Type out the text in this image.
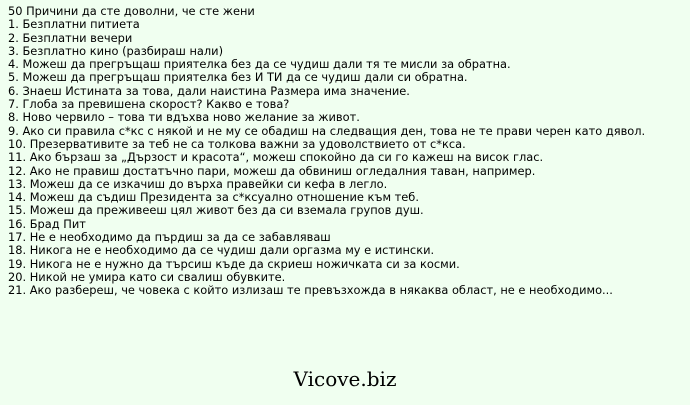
50 Причини да сте доволни, че сте жени

1. Безплатни питиета

2. Безплатни вечери

3. Безплатно кино (разбираш нали)

4. Можеш да прегръщаш приятелка без да се чудиш дали тя те мисли за обратна.

5. Можеш да прегръщаш приятелка без И ТИ да се чудиш дали си обратна.

6. Знаеш Истината за това, дали наистина Размера има значение.

7. Глоба за превишена скорост? Какво е това?

8. Ново червило – това ти вдъхва ново желание за живот.

9. Ако си правила с*кс с някой и не му се обадиш на следващия ден, това не те прави черен като дявол.

10. Презервативите за теб не са толкова важни за удоволствието от с*кса.

11. Ако бързаш за „Дързост и красота“, можеш спокойно да си го кажеш на висок глас.

12. Ако не правиш достатъчно пари, можеш да обвиниш огледалния таван, например.

13. Можеш да се изкачиш до върха правейки си кефа в легло.

14. Можеш да съдиш Президента за с*ксуално отношение към теб.

15. Можеш да преживееш цял живот без да си вземала групов душ.

16. Брад Пит

17. Не е необходимо да пърдиш за да се забавляваш

18. Никога не е необходимо да се чудиш дали оргазма му е истински.

19. Никога не е нужно да търсиш къде да скриеш ножичката си за косми.

20. Никой не умира като си свалиш обувките.

21. Ако разбереш, че човека с който излизаш те превъзхожда в някаква област, не е необходимо...

Vicove.biz
